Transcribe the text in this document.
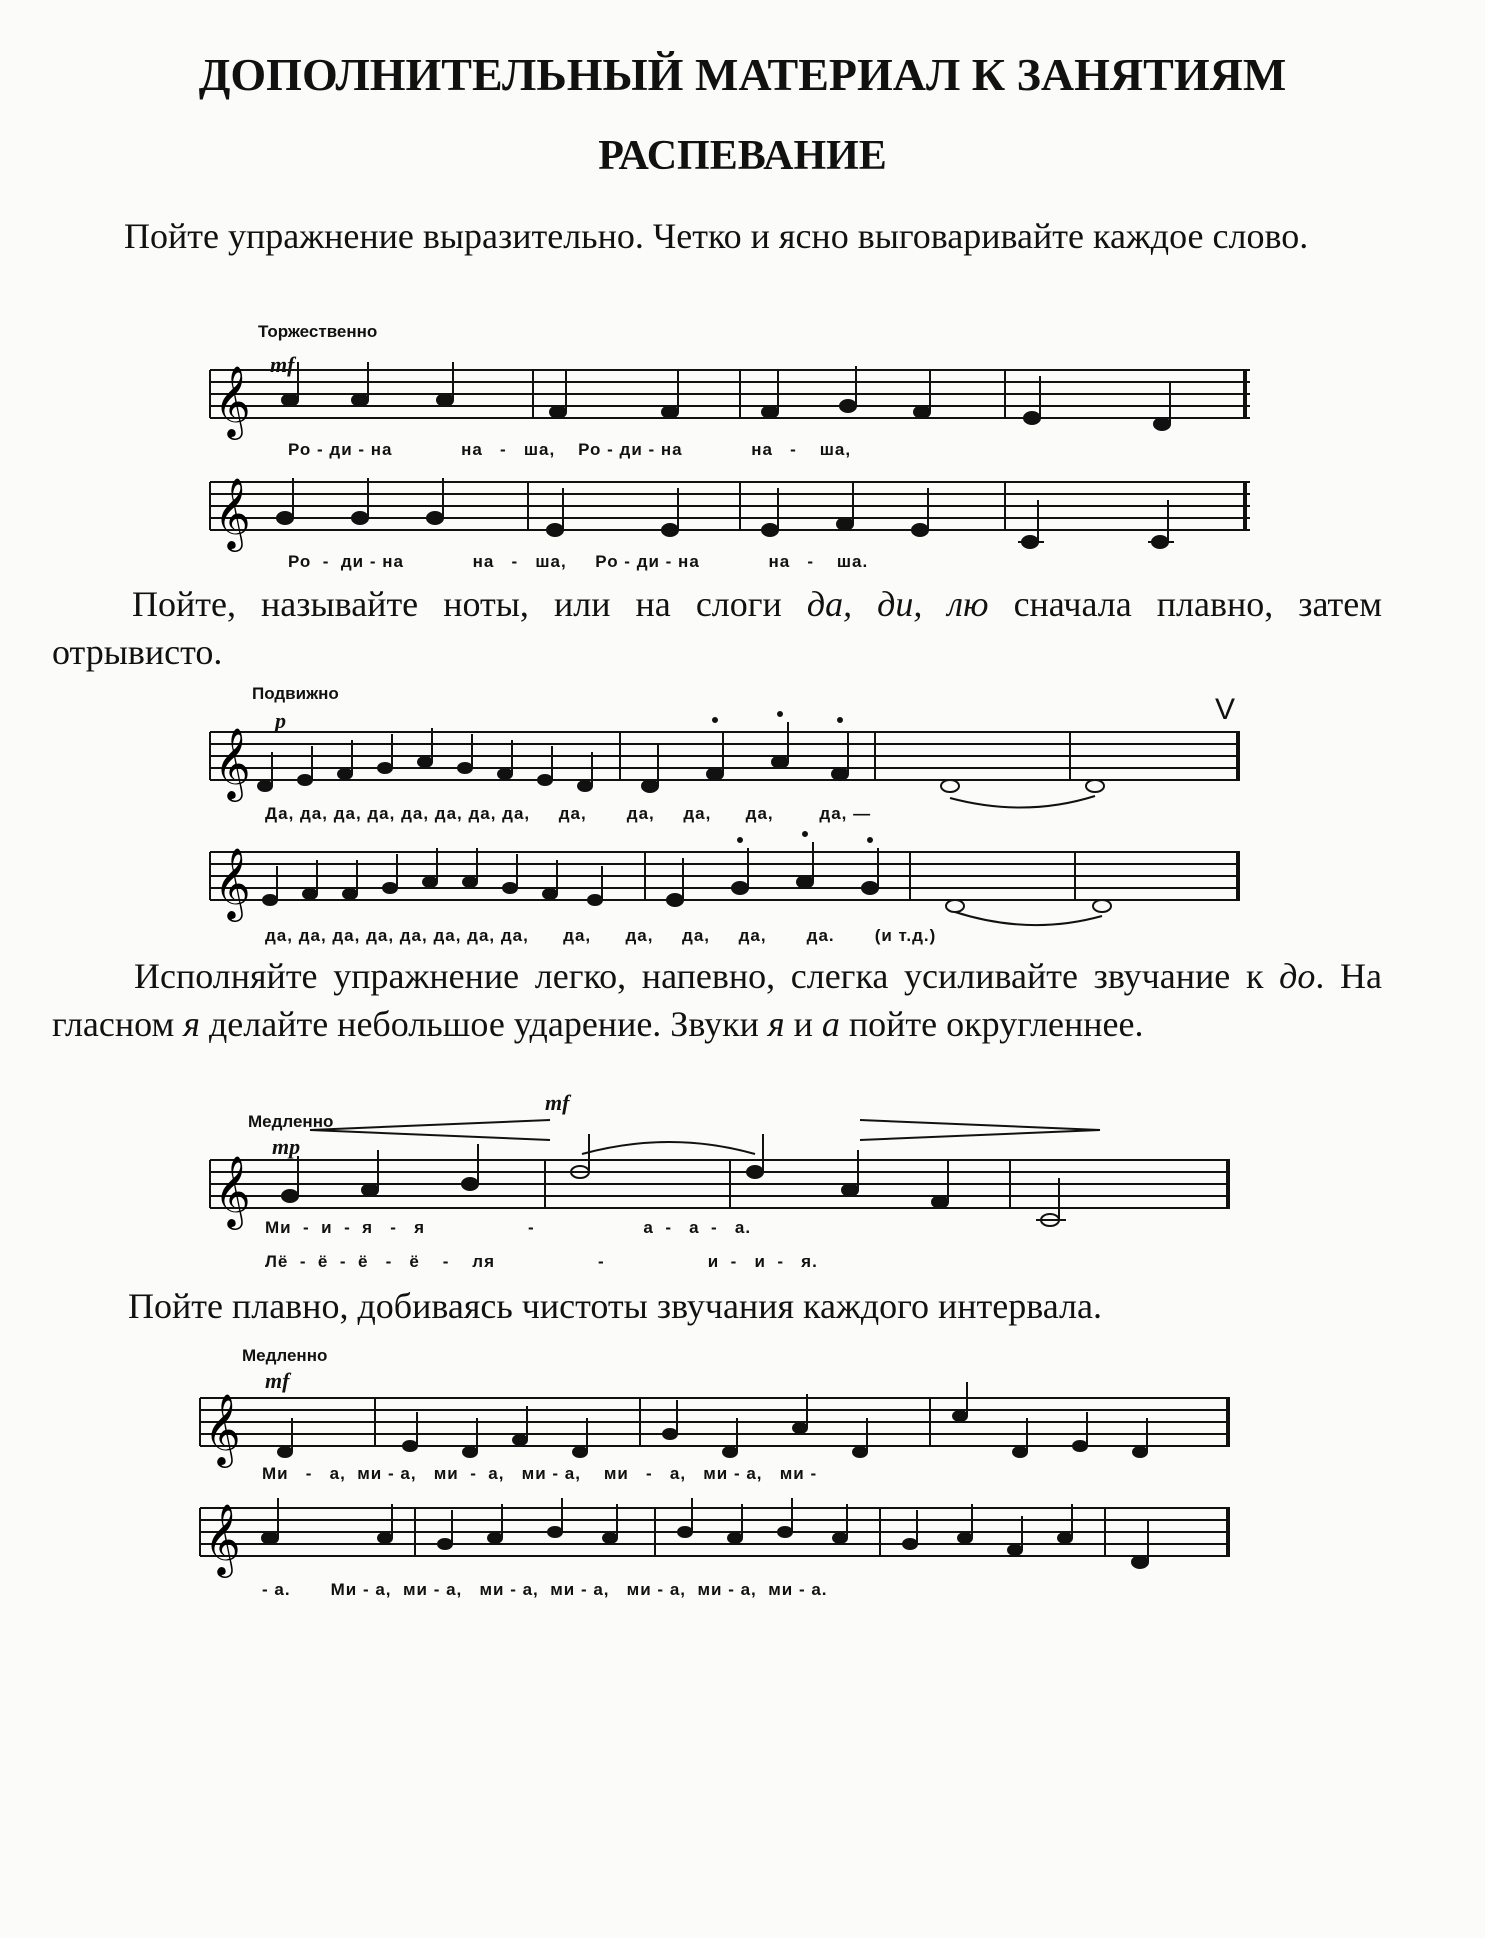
ДОПОЛНИТЕЛЬНЫЙ МАТЕРИАЛ К ЗАНЯТИЯМ
РАСПЕВАНИЕ
Пойте упражнение выразительно. Четко и ясно выговаривайте каждое слово.
Торжественно
mf
𝄞
Ро - ди - на            на   -   ша,    Ро - ди - на            на   -    ша,
𝄞
Ро  -  ди - на            на   -   ша,     Ро - ди - на            на   -    ша.
Пойте, называйте ноты, или на слоги да, ди, лю сначала плавно, затем отрывисто.
Подвижно
p	V
𝄞
Да, да, да, да, да, да, да, да,     да,       да,     да,      да,        да, —
𝄞
да, да, да, да, да, да, да, да,      да,      да,     да,     да,       да.       (и т.д.)
Исполняйте упражнение легко, напевно, слегка усиливайте звучание к до. На гласном я делайте небольшое ударение. Звуки я и а пойте округленнее.
Медленно
mp
mf
𝄞
Ми  -  и  -  я   -   я                  -                   а  -   а  -   а.
Лё  -  ё  -  ё   -   ё    -    ля                  -                  и  -   и  -   я.
Пойте плавно, добиваясь чистоты звучания каждого интервала.
Медленно
mf
𝄞
Ми   -   а,  ми - а,   ми  -  а,   ми - а,    ми   -   а,   ми - а,   ми -
𝄞
- а.       Ми - а,  ми - а,   ми - а,  ми - а,   ми - а,  ми - а,  ми - а.
